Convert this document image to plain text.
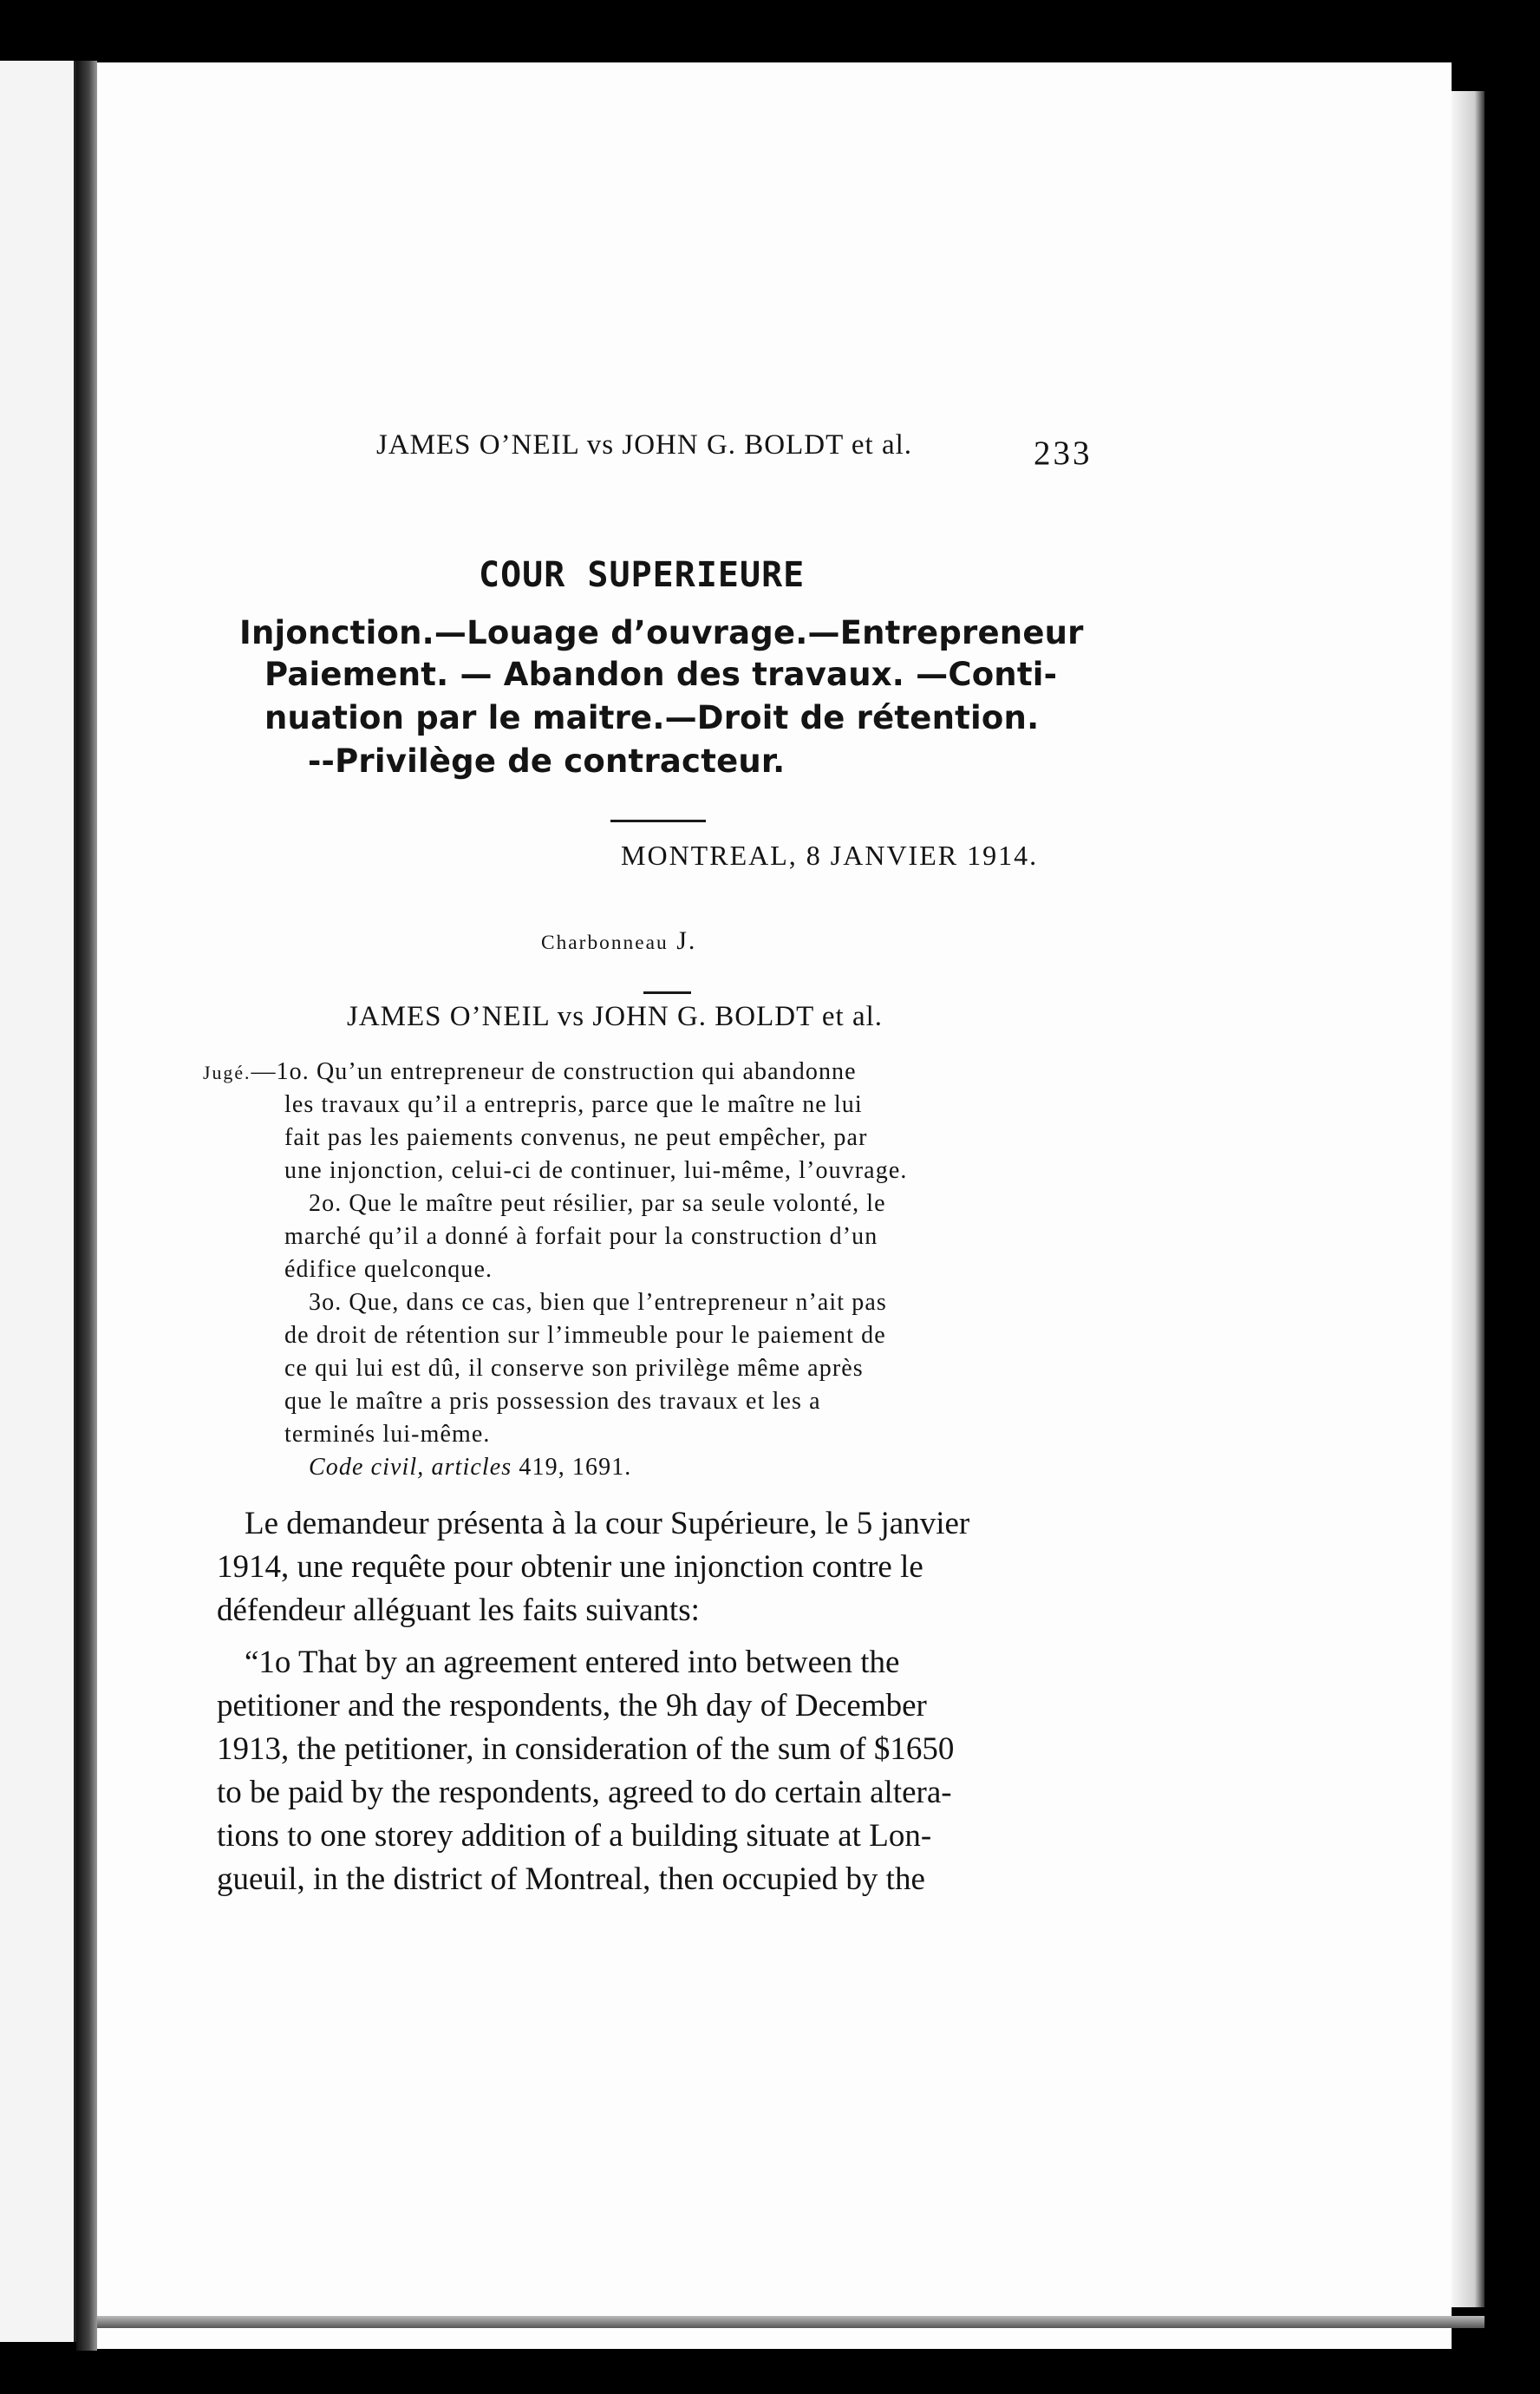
JAMES O’NEIL vs JOHN G. BOLDT et al.	233

COUR SUPERIEURE

Injonction.—Louage d’ouvrage.—Entrepreneur

Paiement. — Abandon des travaux. —Conti-

nuation par le maitre.—Droit de rétention.

--Privilège de contracteur.

MONTREAL, 8 JANVIER 1914.

Charbonneau J.

JAMES O’NEIL vs JOHN G. BOLDT et al.

Jugé.—1o. Qu’un entrepreneur de construction qui abandonne

les travaux qu’il a entrepris, parce que le maître ne lui

fait pas les paiements convenus, ne peut empêcher, par

une injonction, celui-ci de continuer, lui-même, l’ouvrage.

2o. Que le maître peut résilier, par sa seule volonté, le

marché qu’il a donné à forfait pour la construction d’un

édifice quelconque.

3o. Que, dans ce cas, bien que l’entrepreneur n’ait pas

de droit de rétention sur l’immeuble pour le paiement de

ce qui lui est dû, il conserve son privilège même après

que le maître a pris possession des travaux et les a

terminés lui-même.

Code civil, articles 419, 1691.

Le demandeur présenta à la cour Supérieure, le 5 janvier

1914, une requête pour obtenir une injonction contre le

défendeur alléguant les faits suivants:

“1o That by an agreement entered into between the

petitioner and the respondents, the 9h day of December

1913, the petitioner, in consideration of the sum of $1650

to be paid by the respondents, agreed to do certain altera-

tions to one storey addition of a building situate at Lon-

gueuil, in the district of Montreal, then occupied by the
